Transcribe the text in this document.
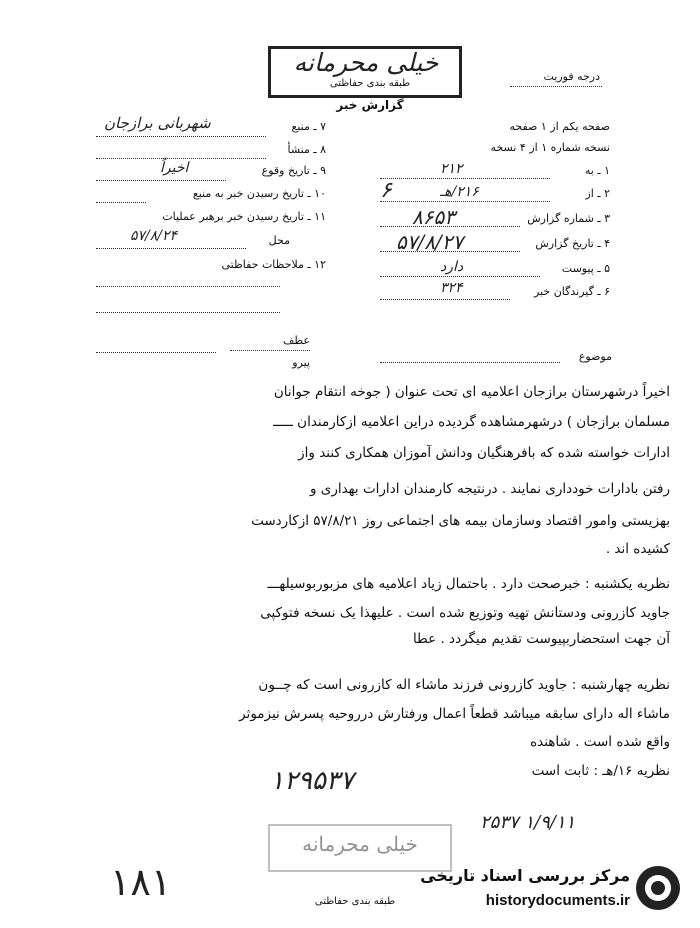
خیلی محرمانه
طبقه بندی حفاظتی
گزارش خبر
درجه فوریت
صفحه یکم از ۱ صفحه
نسخه شماره ۱ از ۴ نسخه
۱ ـ به
۲۱۲
۲ ـ از
۲۱۶/هـ
۳ ـ شماره گزارش
۸۶۵۳
۴ ـ تاریخ گزارش
۵۷/۸/۲۷
۵ ـ پیوست
دارد
۶ ـ گیرندگان خبر
۳۲۴
۶
۷ ـ منبع
شهربانی برازجان
۸ ـ منشأ
۹ ـ تاریخ وقوع
اخیراً
۱۰ ـ تاریخ رسیدن خبر به منبع
۱۱ ـ تاریخ رسیدن خبر برهبر عملیات
محل
۵۷/۸/۲۴
۱۲ ـ ملاحظات حفاظتی
موضوع
عطف
پیرو
اخیراً درشهرستان برازجان اعلامیه ای تحت عنوان ( جوخه انتقام جوانان
مسلمان برازجان ) درشهرمشاهده گردیده دراین اعلامیه ازکارمندان ـــــ
ادارات خواسته شده که بافرهنگیان ودانش آموزان همکاری کنند واز
رفتن بادارات خودداری نمایند . درنتیجه کارمندان ادارات بهداری و
بهزیستی وامور اقتصاد وسازمان بیمه های اجتماعی روز ۵۷/۸/۲۱ ازکاردست
کشیده اند .
نظریه یکشنبه : خبرصحت دارد . باحتمال زیاد اعلامیه های مزبوربوسیلهـــ
جاوید کازرونی ودستانش تهیه وتوزیع شده است . علیهذا یک نسخه فتوکپی
آن جهت استحضاربپیوست تقدیم میگردد . عطا
نظریه چهارشنبه : جاوید کازرونی فرزند ماشاء اله کازرونی است که چــون
ماشاء اله دارای سابقه میباشد قطعاً اعمال ورفتارش درروحیه پسرش نیزموثر
واقع شده است . شاهنده
نظریه ۱۶/هـ : ثابت است
۱۲۹۵۳۷
۱/۹/۱۱ ۲۵۳۷
خیلی محرمانه
طبقه بندی حفاظتی
۱۸۱	مرکز بررسی اسناد تاریخی
historydocuments.ir
